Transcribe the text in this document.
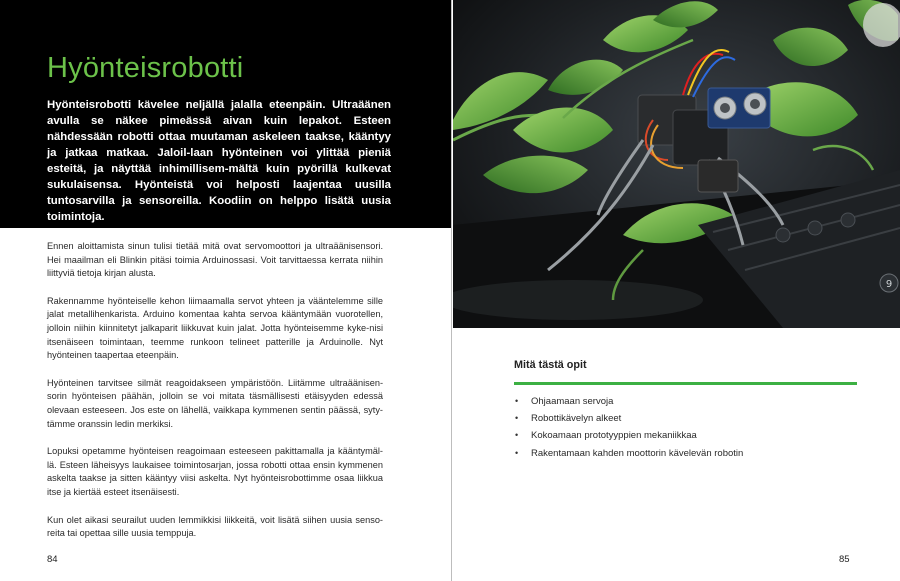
Hyönteisrobotti

Hyönteisrobotti kävelee neljällä jalalla eteenpäin. Ultraäänen avulla se näkee pimeässä aivan kuin lepakot. Esteen nähdessään robotti ottaa muutaman askeleen taakse, kääntyy ja jatkaa matkaa. Jaloil-laan hyönteinen voi ylittää pieniä esteitä, ja näyttää inhimillisem-mältä kuin pyörillä kulkevat sukulaisensa. Hyönteistä voi helposti laajentaa uusilla tuntosarvilla ja sensoreilla. Koodiin on helppo lisätä uusia toimintoja.

Ennen aloittamista sinun tulisi tietää mitä ovat servomoottori ja ultraäänisensori. Hei maailman eli Blinkin pitäsi toimia Arduinossasi. Voit tarvittaessa kerrata niihin liittyviä tietoja kirjan alusta.

Rakennamme hyönteiselle kehon liimaamalla servot yhteen ja vääntelemme sille jalat metallihenkarista. Arduino komentaa kahta servoa kääntymään vuorotellen, jolloin niihin kiinnitetyt jalkaparit liikkuvat kuin jalat. Jotta hyönteisemme kyke-nisi itsenäiseen toimintaan, teemme runkoon telineet patterille ja Arduinolle. Nyt hyönteinen taapertaa eteenpäin.

Hyönteinen tarvitsee silmät reagoidakseen ympäristöön. Liitämme ultraäänisen-sorin hyönteisen päähän, jolloin se voi mitata täsmällisesti etäisyyden edessä olevaan esteeseen. Jos este on lähellä, vaikkapa kymmenen sentin päässä, syty-tämme oranssin ledin merkiksi.

Lopuksi opetamme hyönteisen reagoimaan esteeseen pakittamalla ja kääntymäl-lä. Esteen läheisyys laukaisee toimintosarjan, jossa robotti ottaa ensin kymmenen askelta taakse ja sitten kääntyy viisi askelta. Nyt hyönteisrobottimme osaa liikkua itse ja kiertää esteet itsenäisesti.

Kun olet aikasi seurailut uuden lemmikkisi liikkeitä, voit lisätä siihen uusia senso-reita tai opettaa sille uusia temppuja.

84
9
Mitä tästä opit
• Ohjaamaan servoja
• Robottikävelyn alkeet
• Kokoamaan prototyyppien mekaniikkaa
• Rakentamaan kahden moottorin kävelevän robotin
85
